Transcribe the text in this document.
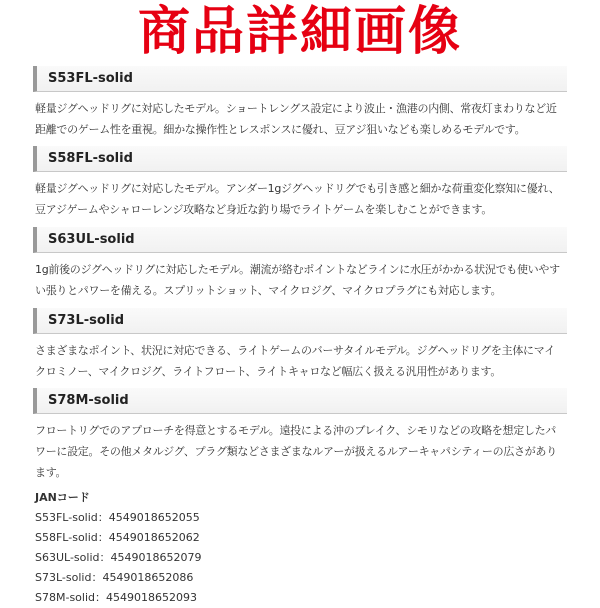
商品詳細画像
S53FL-solid

軽量ジグヘッドリグに対応したモデル。ショートレングス設定により波止・漁港の内側、常夜灯まわりなど近距離でのゲーム性を重視。細かな操作性とレスポンスに優れ、豆アジ狙いなども楽しめるモデルです。

S58FL-solid

軽量ジグヘッドリグに対応したモデル。アンダー1gジグヘッドリグでも引き感と細かな荷重変化察知に優れ、豆アジゲームやシャローレンジ攻略など身近な釣り場でライトゲームを楽しむことができます。

S63UL-solid

1g前後のジグヘッドリグに対応したモデル。潮流が絡むポイントなどラインに水圧がかかる状況でも使いやすい張りとパワーを備える。スプリットショット、マイクロジグ、マイクロプラグにも対応します。

S73L-solid

さまざまなポイント、状況に対応できる、ライトゲームのバーサタイルモデル。ジグヘッドリグを主体にマイクロミノー、マイクロジグ、ライトフロート、ライトキャロなど幅広く扱える汎用性があります。

S78M-solid

フロートリグでのアプローチを得意とするモデル。遠投による沖のブレイク、シモリなどの攻略を想定したパワーに設定。その他メタルジグ、プラグ類などさまざまなルアーが扱えるルアーキャパシティーの広さがあります。

JANコード
S53FL-solid：4549018652055
S58FL-solid：4549018652062
S63UL-solid：4549018652079
S73L-solid：4549018652086
S78M-solid：4549018652093
